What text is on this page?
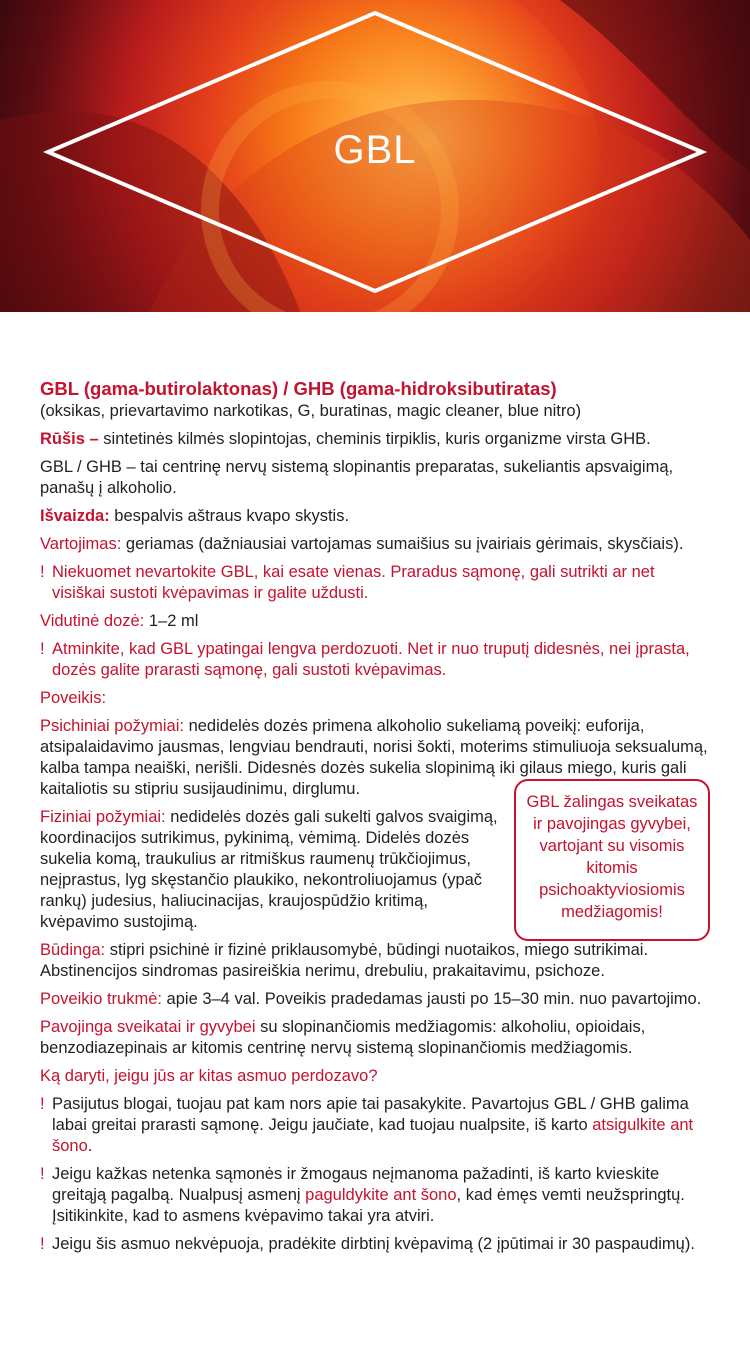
GBL

GBL (gama-butirolaktonas) / GHB (gama-hidroksibutiratas)

(oksikas, prievartavimo narkotikas, G, buratinas, magic cleaner, blue nitro)

Rūšis – sintetinės kilmės slopintojas, cheminis tirpiklis, kuris organizme virsta GHB.

GBL / GHB – tai centrinę nervų sistemą slopinantis preparatas, sukeliantis apsvaigimą, panašų į alkoholio.

Išvaizda: bespalvis aštraus kvapo skystis.

Vartojimas: geriamas (dažniausiai vartojamas sumaišius su įvairiais gėrimais, skysčiais).

! Niekuomet nevartokite GBL, kai esate vienas. Praradus sąmonę, gali sutrikti ar net visiškai sustoti kvėpavimas ir galite uždusti.

Vidutinė dozė: 1–2 ml

! Atminkite, kad GBL ypatingai lengva perdozuoti. Net ir nuo truputį didesnės, nei įprasta, dozės galite prarasti sąmonę, gali sustoti kvėpavimas.

Poveikis:

Psichiniai požymiai: nedidelės dozės primena alkoholio sukeliamą poveikį: euforija, atsipalaidavimo jausmas, lengviau bendrauti, norisi šokti, moterims stimuliuoja seksualumą, kalba tampa neaiški, nerišli. Didesnės dozės sukelia slopinimą iki gilaus miego, kuris gali kaitaliotis su stipriu susijaudinimu, dirglumu.

Fiziniai požymiai: nedidelės dozės gali sukelti galvos svaigimą, koordinacijos sutrikimus, pykinimą, vėmimą. Didelės dozės sukelia komą, traukulius ar ritmiškus raumenų trūkčiojimus, neįprastus, lyg skęstančio plaukiko, nekontroliuojamus (ypač rankų) judesius, haliucinacijas, kraujospūdžio kritimą, kvėpavimo sustojimą.

Būdinga: stipri psichinė ir fizinė priklausomybė, būdingi nuotaikos, miego sutrikimai. Abstinencijos sindromas pasireiškia nerimu, drebuliu, prakaitavimu, psichoze.

Poveikio trukmė: apie 3–4 val. Poveikis pradedamas jausti po 15–30 min. nuo pavartojimo.

Pavojinga sveikatai ir gyvybei su slopinančiomis medžiagomis: alkoholiu, opioidais, benzodiazepinais ar kitomis centrinę nervų sistemą slopinančiomis medžiagomis.

Ką daryti, jeigu jūs ar kitas asmuo perdozavo?

! Pasijutus blogai, tuojau pat kam nors apie tai pasakykite. Pavartojus GBL / GHB galima labai greitai prarasti sąmonę. Jeigu jaučiate, kad tuojau nualpsite, iš karto atsigulkite ant šono.

! Jeigu kažkas netenka sąmonės ir žmogaus neįmanoma pažadinti, iš karto kvieskite greitąją pagalbą. Nualpusį asmenį paguldykite ant šono, kad ėmęs vemti neužspringtų. Įsitikinkite, kad to asmens kvėpavimo takai yra atviri.

! Jeigu šis asmuo nekvėpuoja, pradėkite dirbtinį kvėpavimą (2 įpūtimai ir 30 paspaudimų).

GBL žalingas sveikatas ir pavojingas gyvybei, vartojant su visomis kitomis psichoaktyviosiomis medžiagomis!
